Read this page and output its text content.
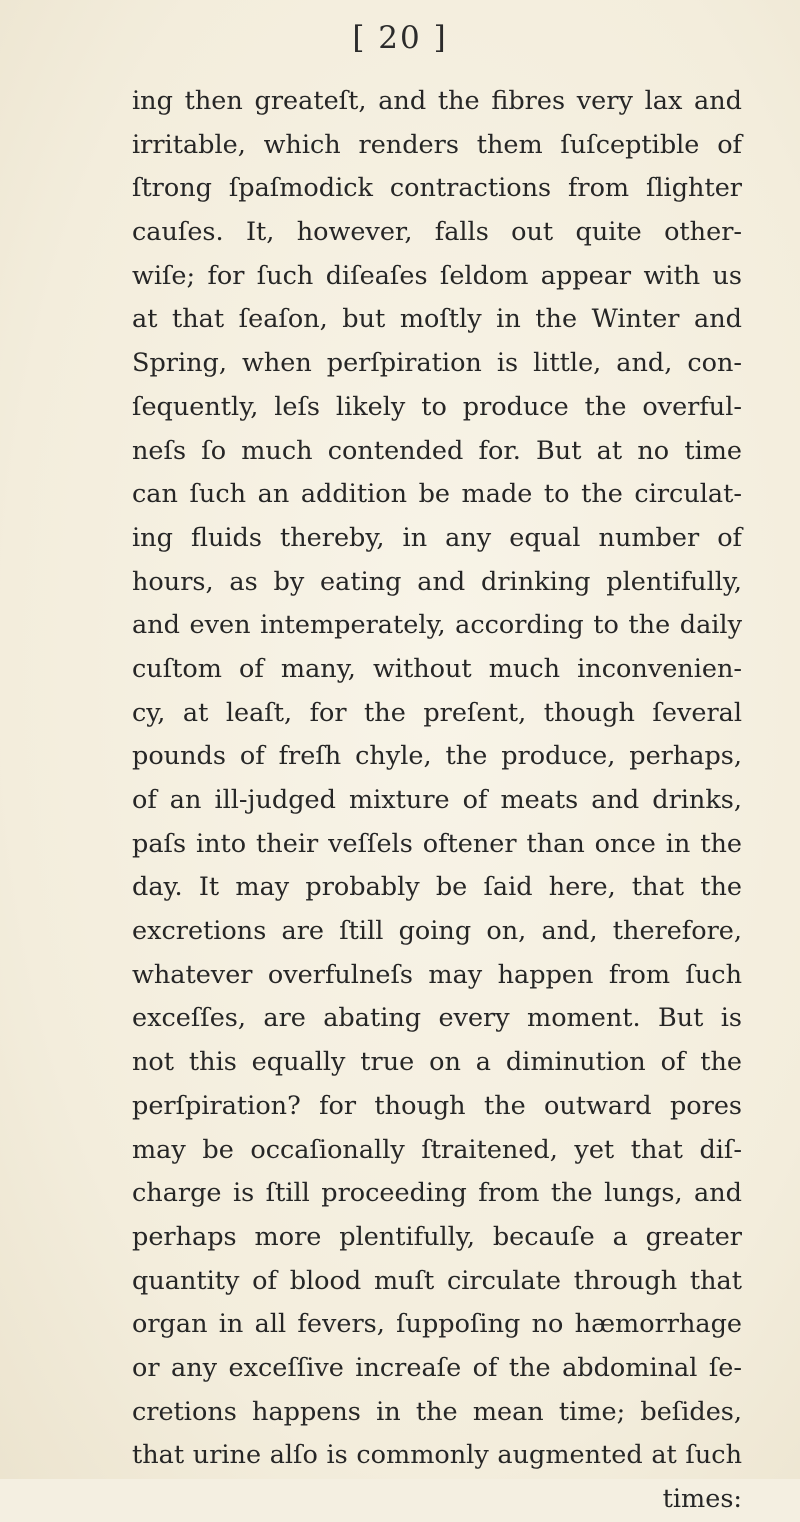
[ 20 ]
ing then greateſt, and the fibres very lax and
irritable, which renders them ſuſceptible of
ſtrong ſpaſmodick contractions from ſlighter
cauſes. It, however, falls out quite other-
wiſe; for ſuch diſeaſes ſeldom appear with us
at that ſeaſon, but moſtly in the Winter and
Spring, when perſpiration is little, and, con-
ſequently, leſs likely to produce the overful-
neſs ſo much contended for. But at no time
can ſuch an addition be made to the circulat-
ing fluids thereby, in any equal number of
hours, as by eating and drinking plentifully,
and even intemperately, according to the daily
cuſtom of many, without much inconvenien-
cy, at leaſt, for the preſent, though ſeveral
pounds of freſh chyle, the produce, perhaps,
of an ill-judged mixture of meats and drinks,
paſs into their veſſels oftener than once in the
day. It may probably be ſaid here, that the
excretions are ſtill going on, and, therefore,
whatever overfulneſs may happen from ſuch
exceſſes, are abating every moment. But is
not this equally true on a diminution of the
perſpiration? for though the outward pores
may be occaſionally ſtraitened, yet that diſ-
charge is ſtill proceeding from the lungs, and
perhaps more plentifully, becauſe a greater
quantity of blood muſt circulate through that
organ in all fevers, ſuppoſing no hæmorrhage
or any exceſſive increaſe of the abdominal ſe-
cretions happens in the mean time; beſides,
that urine alſo is commonly augmented at ſuch
times:
